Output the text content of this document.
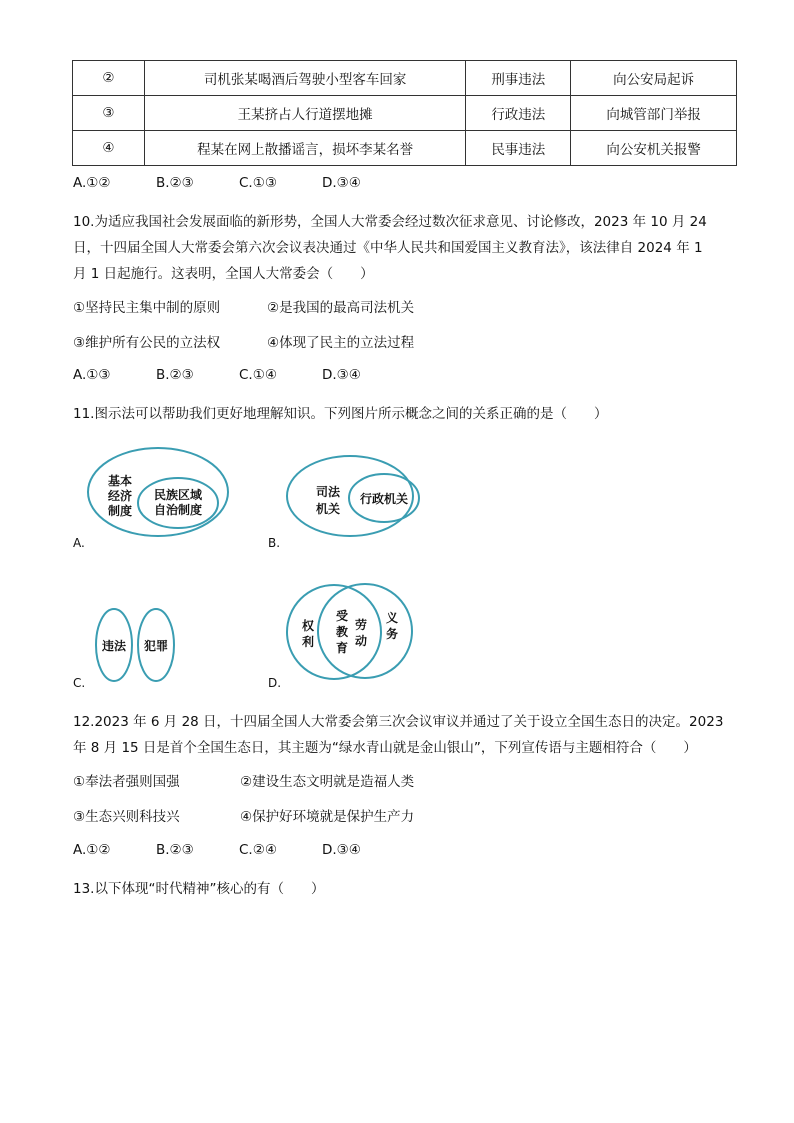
②	司机张某喝酒后驾驶小型客车回家	刑事违法	向公安局起诉
③	王某挤占人行道摆地摊	行政违法	向城管部门举报
④	程某在网上散播谣言，损坏李某名誉	民事违法	向公安机关报警
A.①②	B.②③	C.①③	D.③④
10.为适应我国社会发展面临的新形势，全国人大常委会经过数次征求意见、讨论修改，2023 年 10 月 24
日，十四届全国人大常委会第六次会议表决通过《中华人民共和国爱国主义教育法》，该法律自 2024 年 1
月 1 日起施行。这表明，全国人大常委会（　　）
①坚持民主集中制的原则	②是我国的最高司法机关
③维护所有公民的立法权	④体现了民主的立法过程
A.①③	B.②③	C.①④	D.③④
11.图示法可以帮助我们更好地理解知识。下列图片所示概念之间的关系正确的是（　　）
基本
经济
制度
民族区域
自治制度
A.
司法
机关
行政机关
B.
违法 犯罪
C.
权
利
受
教
育
劳
动
义
务
D.
12.2023 年 6 月 28 日，十四届全国人大常委会第三次会议审议并通过了关于设立全国生态日的决定。2023
年 8 月 15 日是首个全国生态日，其主题为“绿水青山就是金山银山”，下列宣传语与主题相符合（　　）
①奉法者强则国强	②建设生态文明就是造福人类
③生态兴则科技兴	④保护好环境就是保护生产力
A.①②	B.②③	C.②④	D.③④
13.以下体现“时代精神”核心的有（　　）
